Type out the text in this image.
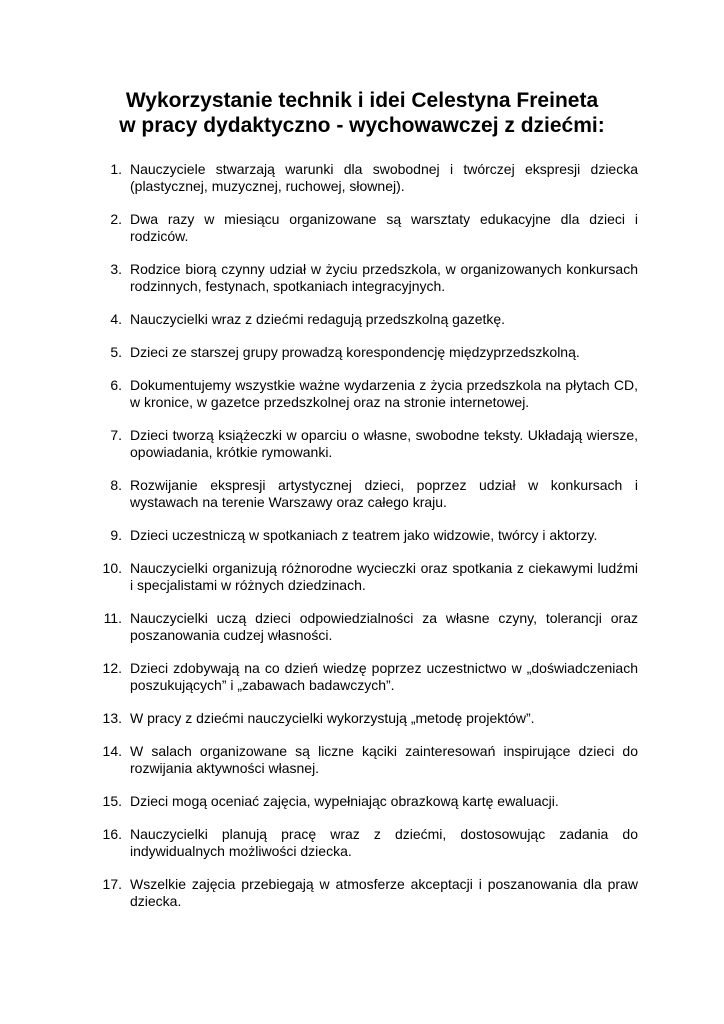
Wykorzystanie technik i idei Celestyna Freineta
w pracy dydaktyczno - wychowawczej z dziećmi:
1. Nauczyciele stwarzają warunki dla swobodnej i twórczej ekspresji dziecka (plastycznej, muzycznej, ruchowej, słownej).
2. Dwa razy w miesiącu organizowane są warsztaty edukacyjne dla dzieci i rodziców.
3. Rodzice biorą czynny udział w życiu przedszkola, w organizowanych konkursach rodzinnych, festynach, spotkaniach integracyjnych.
4. Nauczycielki wraz z dziećmi redagują przedszkolną gazetkę.
5. Dzieci ze starszej grupy prowadzą korespondencję międzyprzedszkolną.
6. Dokumentujemy wszystkie ważne wydarzenia z życia przedszkola na płytach CD, w kronice, w gazetce przedszkolnej oraz na stronie internetowej.
7. Dzieci tworzą książeczki w oparciu o własne, swobodne teksty. Układają wiersze, opowiadania, krótkie rymowanki.
8. Rozwijanie ekspresji artystycznej dzieci, poprzez udział w konkursach i wystawach na terenie Warszawy oraz całego kraju.
9. Dzieci uczestniczą w spotkaniach z teatrem jako widzowie, twórcy i aktorzy.
10. Nauczycielki organizują różnorodne wycieczki oraz spotkania z ciekawymi ludźmi i specjalistami w różnych dziedzinach.
11. Nauczycielki uczą dzieci odpowiedzialności za własne czyny, tolerancji oraz poszanowania cudzej własności.
12. Dzieci zdobywają na co dzień wiedzę poprzez uczestnictwo w „doświadczeniach poszukujących” i „zabawach badawczych”.
13. W pracy z dziećmi nauczycielki wykorzystują „metodę projektów”.
14. W salach organizowane są liczne kąciki zainteresowań inspirujące dzieci do rozwijania aktywności własnej.
15. Dzieci mogą oceniać zajęcia, wypełniając obrazkową kartę ewaluacji.
16. Nauczycielki planują pracę wraz z dziećmi, dostosowując zadania do indywidualnych możliwości dziecka.
17. Wszelkie zajęcia przebiegają w atmosferze akceptacji i poszanowania dla praw dziecka.
